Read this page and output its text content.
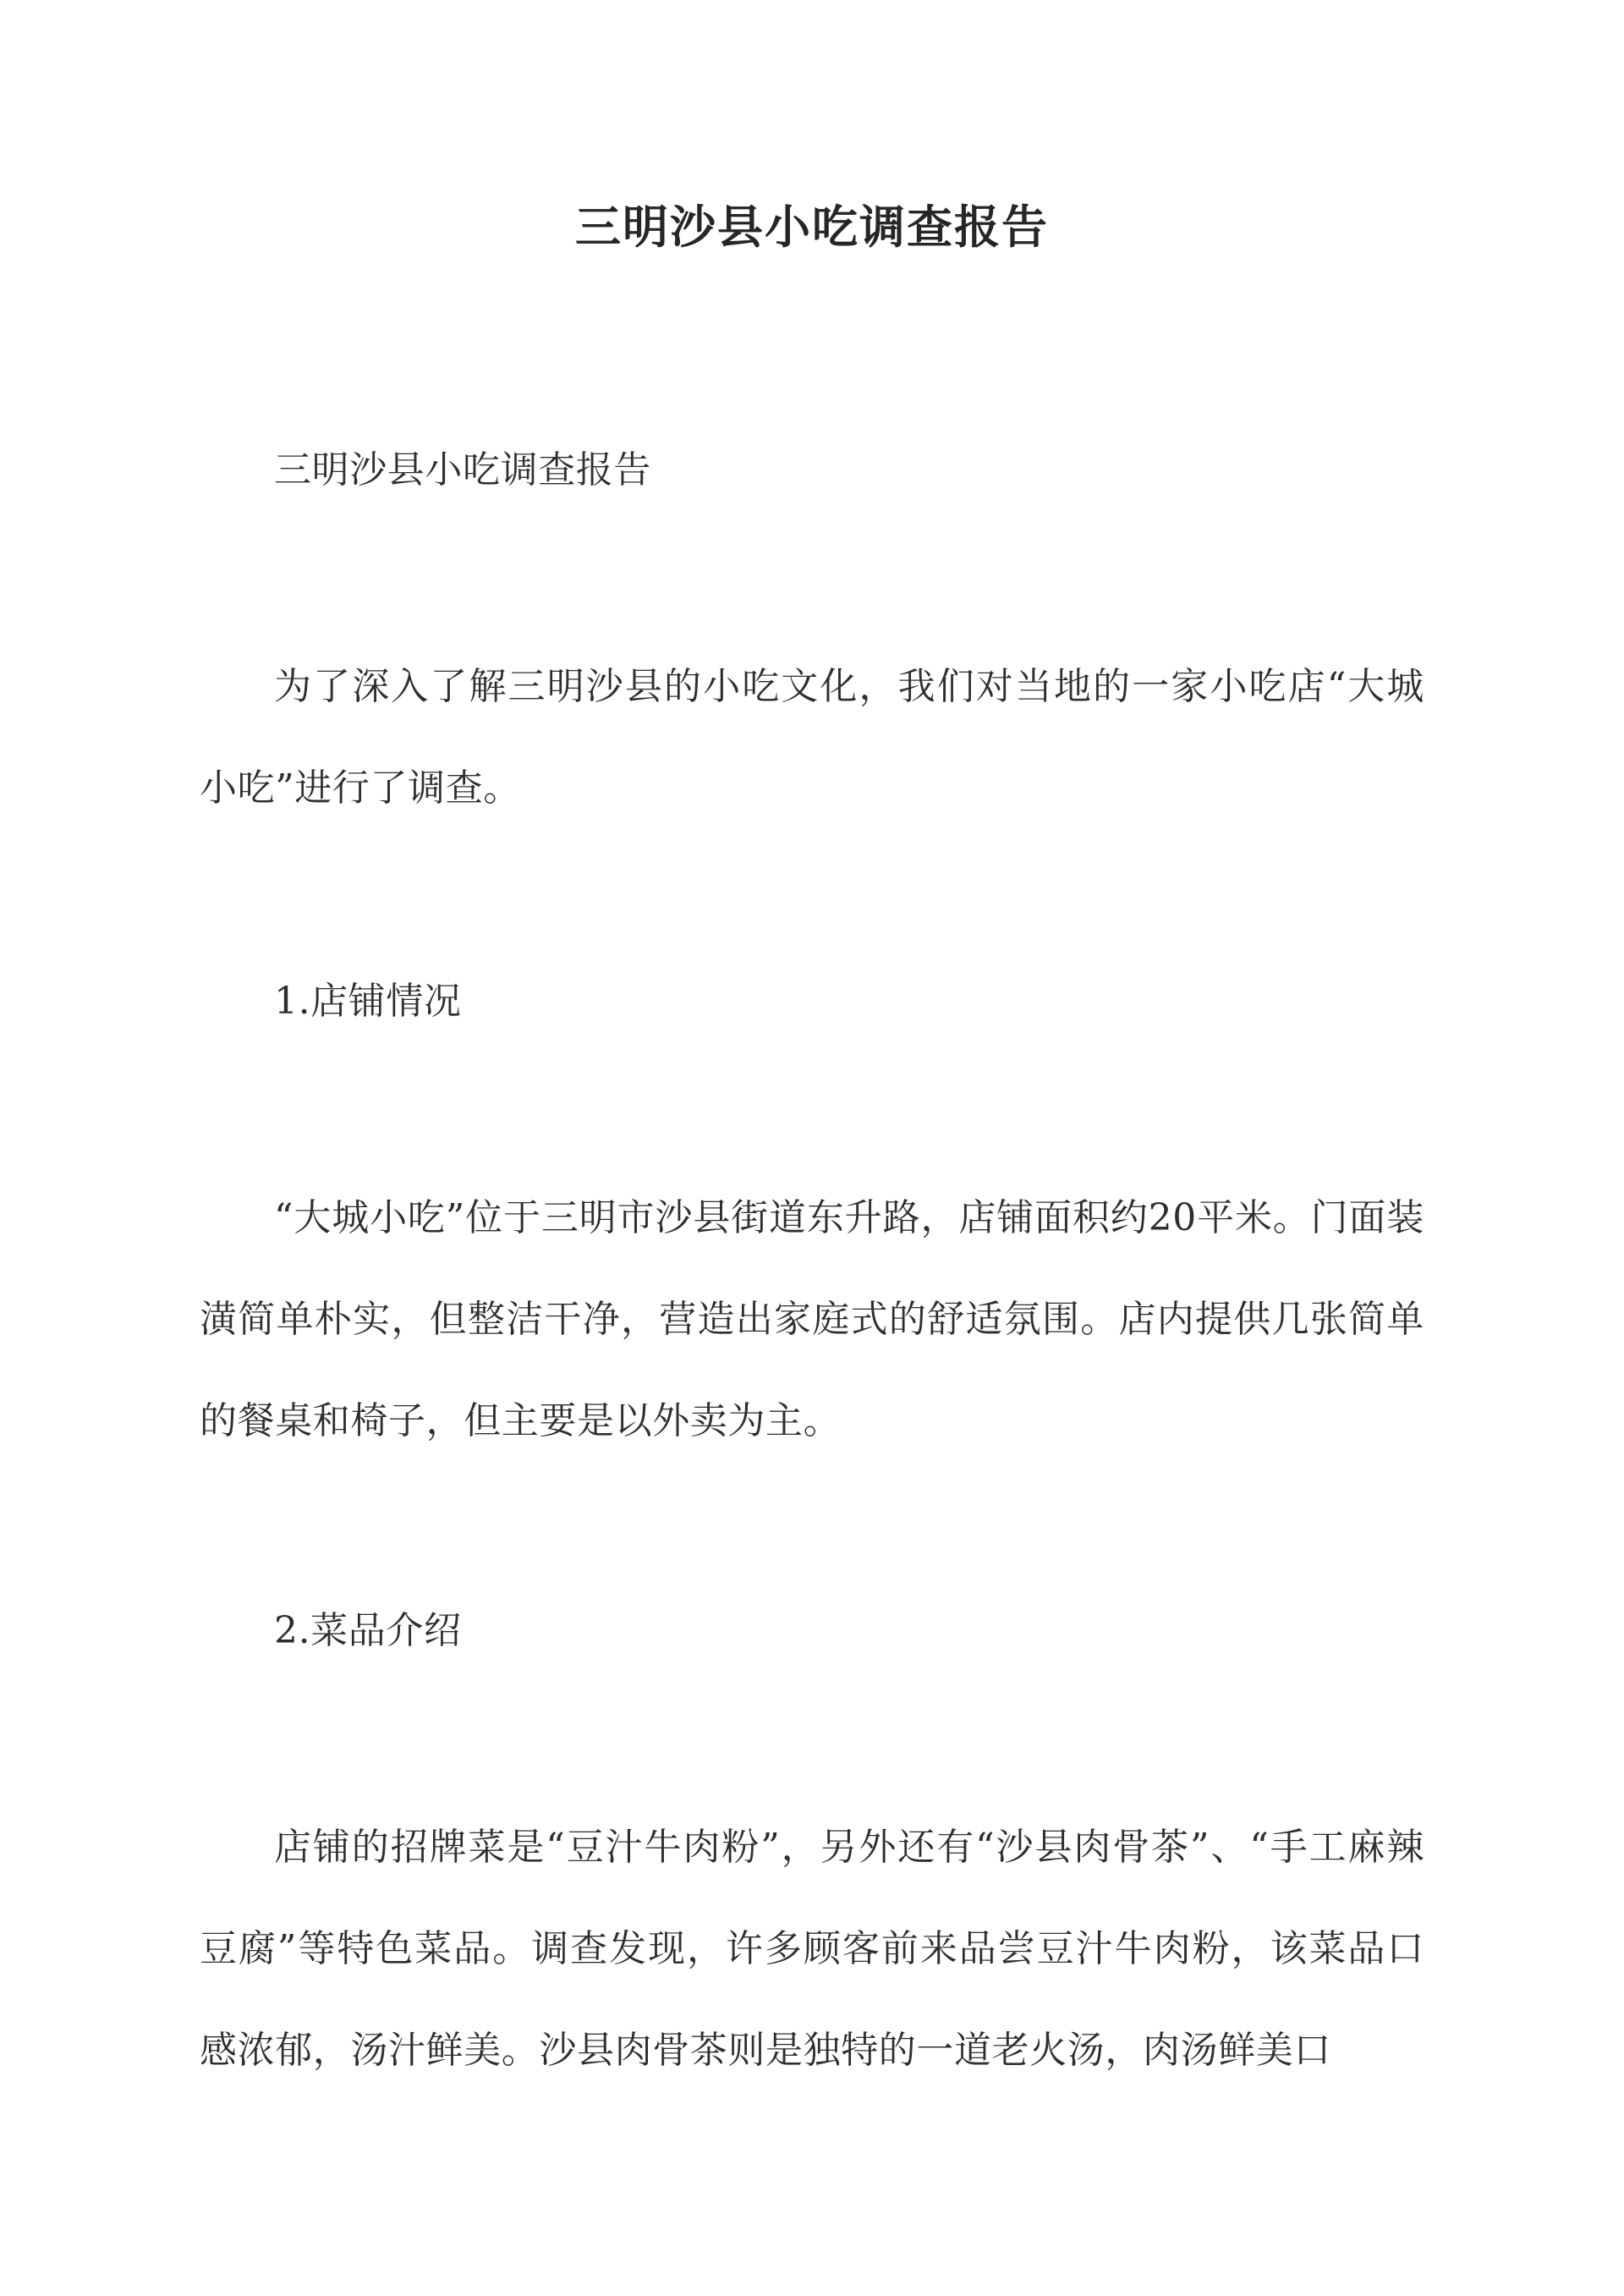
三明沙县小吃调查报告
三明沙县小吃调查报告
为了深入了解三明沙县的小吃文化，我们对当地的一家小吃店“大城小吃”进行了调查。
1.店铺情况
“大城小吃”位于三明市沙县街道东升路，店铺面积约20平米。门面装潢简单朴实，但整洁干净，营造出家庭式的舒适氛围。店内提供几张简单的餐桌和椅子，但主要是以外卖为主。
2.菜品介绍
店铺的招牌菜是“豆汁牛肉粉”，另外还有“沙县肉骨茶”、“手工麻辣豆腐”等特色菜品。调查发现，许多顾客前来品尝豆汁牛肉粉，该菜品口感浓郁，汤汁鲜美。沙县肉骨茶则是独特的一道老火汤，肉汤鲜美口
